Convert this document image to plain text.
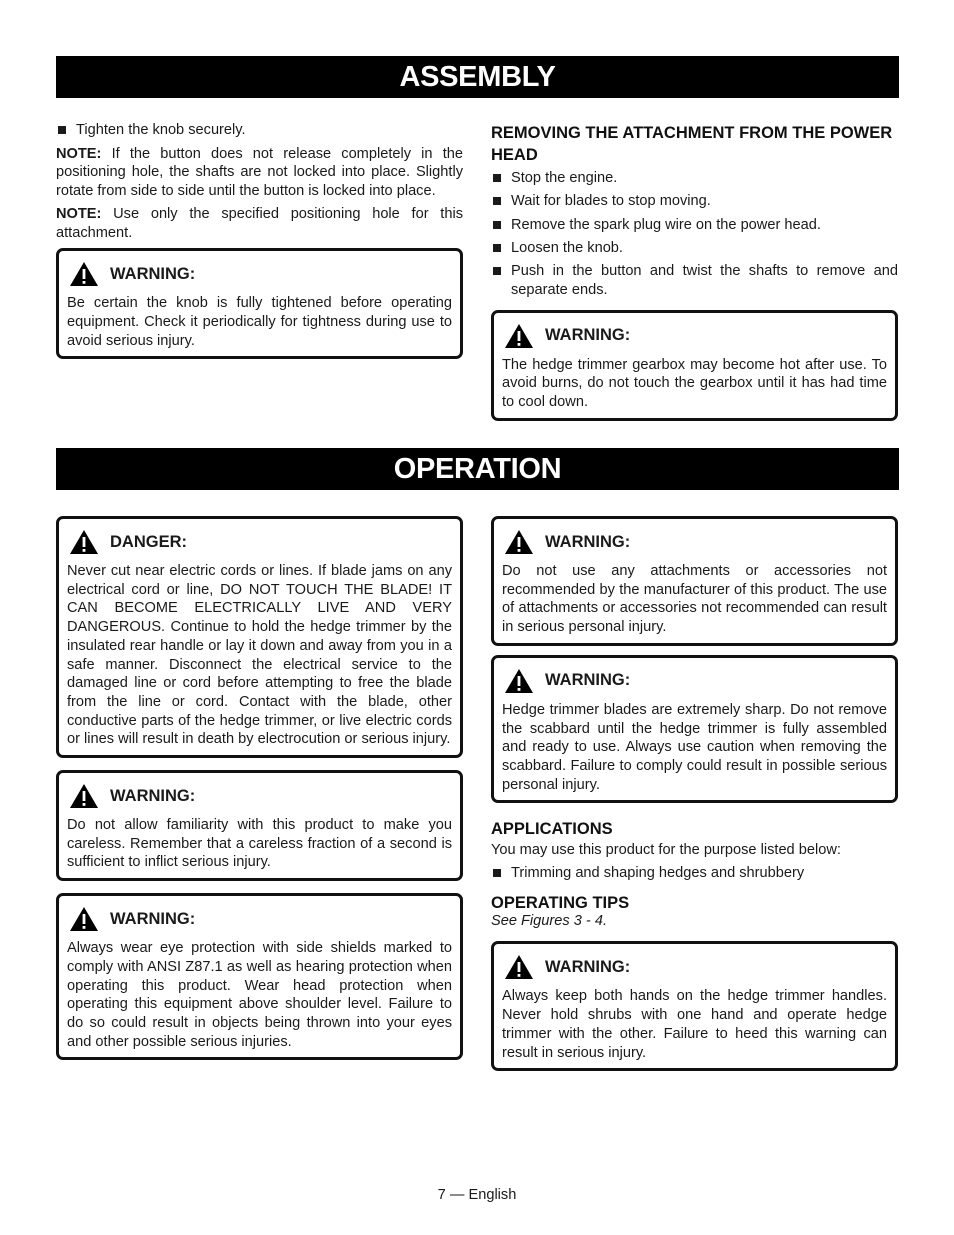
ASSEMBLY
Tighten the knob securely.

NOTE: If the button does not release completely in the positioning hole, the shafts are not locked into place. Slightly rotate from side to side until the button is locked into place.

NOTE: Use only the specified positioning hole for this attachment.

WARNING:
Be certain the knob is fully tightened before operating equipment. Check it periodically for tightness during use to avoid serious injury.
REMOVING THE ATTACHMENT FROM THE POWER HEAD
Stop the engine.
Wait for blades to stop moving.
Remove the spark plug wire on the power head.
Loosen the knob.
Push in the button and twist the shafts to remove and separate ends.
WARNING:
The hedge trimmer gearbox may become hot after use. To avoid burns, do not touch the gearbox until it has had time to cool down.
OPERATION
DANGER:
Never cut near electric cords or lines. If blade jams on any electrical cord or line, DO NOT TOUCH THE BLADE! IT CAN BECOME ELECTRICALLY LIVE AND VERY DANGEROUS. Continue to hold the hedge trimmer by the insulated rear handle or lay it down and away from you in a safe manner. Disconnect the electrical service to the damaged line or cord before attempting to free the blade from the line or cord. Contact with the blade, other conductive parts of the hedge trimmer, or live electric cords or lines will result in death by electrocution or serious injury.
WARNING:
Do not allow familiarity with this product to make you careless. Remember that a careless fraction of a second is sufficient to inflict serious injury.
WARNING:
Always wear eye protection with side shields marked to comply with ANSI Z87.1 as well as hearing protection when operating this product. Wear head protection when operating this equipment above shoulder level. Failure to do so could result in objects being thrown into your eyes and other possible serious injuries.
WARNING:
Do not use any attachments or accessories not recommended by the manufacturer of this product. The use of attachments or accessories not recommended can result in serious personal injury.
WARNING:
Hedge trimmer blades are extremely sharp. Do not remove the scabbard until the hedge trimmer is fully assembled and ready to use. Always use caution when removing the scabbard. Failure to comply could result in possible serious personal injury.
APPLICATIONS

You may use this product for the purpose listed below:

Trimming and shaping hedges and shrubbery
OPERATING TIPS

See Figures 3 - 4.

WARNING:
Always keep both hands on the hedge trimmer handles. Never hold shrubs with one hand and operate hedge trimmer with the other. Failure to heed this warning can result in serious injury.
7 — English
